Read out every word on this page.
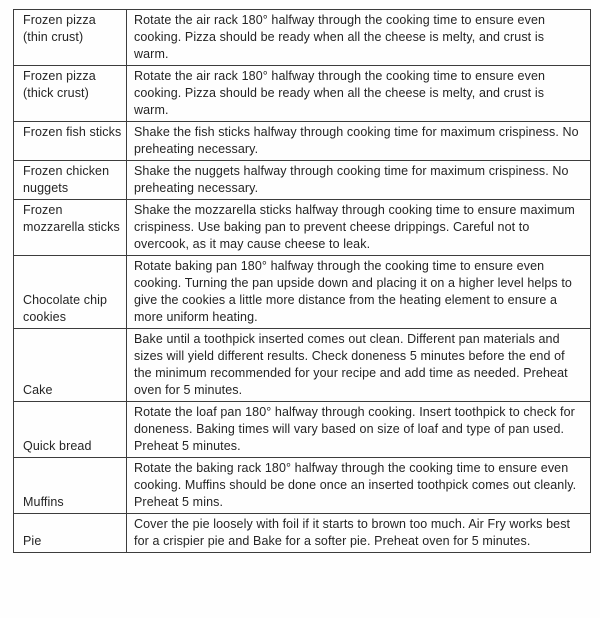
Frozen pizza (thin crust)	Rotate the air rack 180° halfway through the cooking time to ensure even cooking. Pizza should be ready when all the cheese is melty, and crust is warm.
Frozen pizza (thick crust)	Rotate the air rack 180° halfway through the cooking time to ensure even cooking. Pizza should be ready when all the cheese is melty, and crust is warm.
Frozen fish sticks	Shake the fish sticks halfway through cooking time for maximum crispiness. No preheating necessary.
Frozen chicken nuggets	Shake the nuggets halfway through cooking time for maximum crispiness. No preheating necessary.
Frozen mozzarella sticks	Shake the mozzarella sticks halfway through cooking time to ensure maximum crispiness. Use baking pan to prevent cheese drippings. Careful not to overcook, as it may cause cheese to leak.
Chocolate chip cookies	Rotate baking pan 180° halfway through the cooking time to ensure even cooking. Turning the pan upside down and placing it on a higher level helps to give the cookies a little more distance from the heating element to ensure a more uniform heating.
Cake	Bake until a toothpick inserted comes out clean. Different pan materials and sizes will yield different results. Check doneness 5 minutes before the end of the minimum recommended for your recipe and add time as needed. Preheat oven for 5 minutes.
Quick bread	Rotate the loaf pan 180° halfway through cooking. Insert toothpick to check for doneness. Baking times will vary based on size of loaf and type of pan used. Preheat 5 minutes.
Muffins	Rotate the baking rack 180° halfway through the cooking time to ensure even cooking. Muffins should be done once an inserted toothpick comes out cleanly. Preheat 5 mins.
Pie	Cover the pie loosely with foil if it starts to brown too much. Air Fry works best for a crispier pie and Bake for a softer pie. Preheat oven for 5 minutes.
